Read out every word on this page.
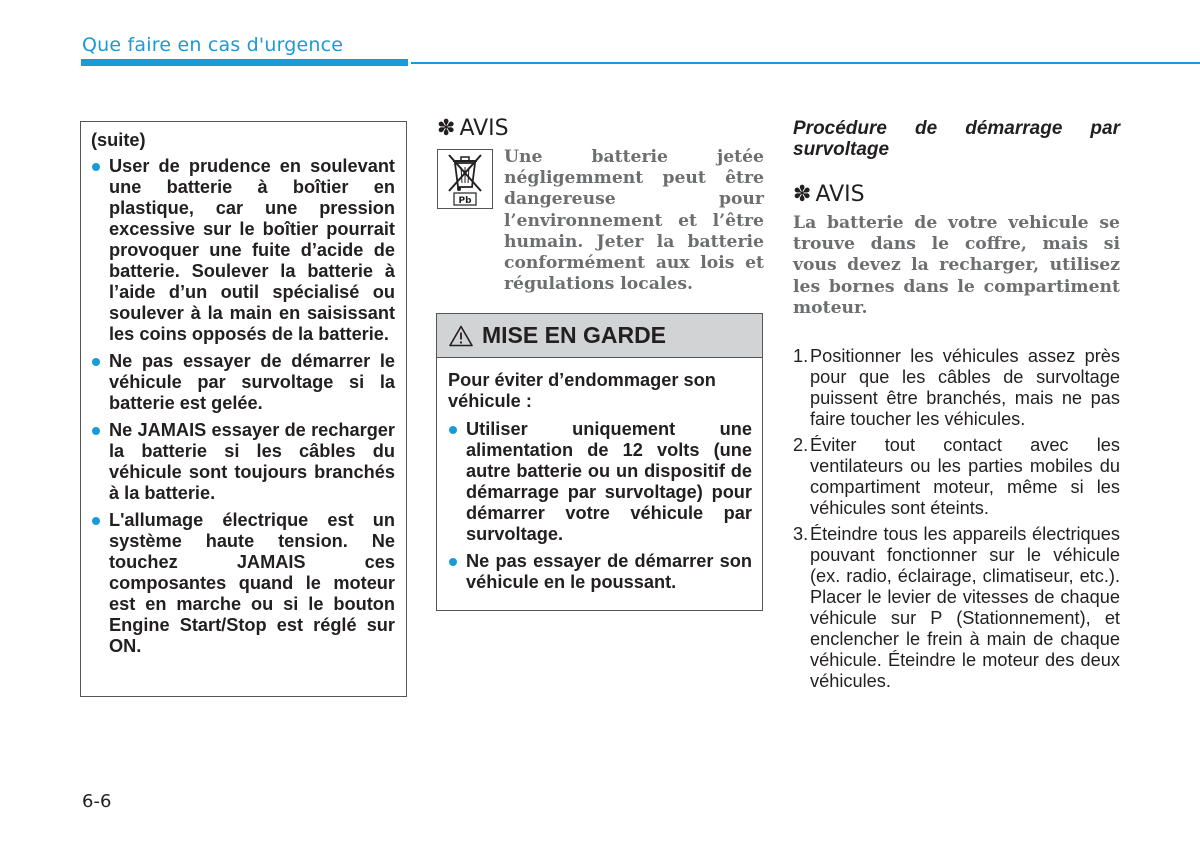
Que faire en cas d'urgence
(suite)
User de prudence en soulevant une batterie à boîtier en plastique, car une pression excessive sur le boîtier pourrait provoquer une fuite d’acide de batterie. Soulever la batterie à l’aide d’un outil spécialisé ou soulever à la main en saisissant les coins opposés de la batterie.
Ne pas essayer de démarrer le véhicule par survoltage si la batterie est gelée.
Ne JAMAIS essayer de recharger la batterie si les câbles du véhicule sont toujours branchés à la batterie.
L'allumage électrique est un système haute tension. Ne touchez JAMAIS ces composantes quand le moteur est en marche ou si le bouton Engine Start/Stop est réglé sur ON.
✽ AVIS
Pb
Une batterie jetée négligemment peut être dangereuse pour l’environnement et l’être humain. Jeter la batterie conformément aux lois et régulations locales.
MISE EN GARDE
Pour éviter d’endommager son véhicule :
Utiliser uniquement une alimentation de 12 volts (une autre batterie ou un dispositif de démarrage par survoltage) pour démarrer votre véhicule par survoltage.
Ne pas essayer de démarrer son véhicule en le poussant.
Procédure de démarrage par survoltage
✽ AVIS
La batterie de votre vehicule se trouve dans le coffre, mais si vous devez la recharger, utilisez les bornes dans le compartiment moteur.
1. Positionner les véhicules assez près pour que les câbles de survoltage puissent être branchés, mais ne pas faire toucher les véhicules.
2. Éviter tout contact avec les ventilateurs ou les parties mobiles du compartiment moteur, même si les véhicules sont éteints.
3. Éteindre tous les appareils électriques pouvant fonctionner sur le véhicule (ex. radio, éclairage, climatiseur, etc.). Placer le levier de vitesses de chaque véhicule sur P (Stationnement), et enclencher le frein à main de chaque véhicule. Éteindre le moteur des deux véhicules.
6-6
